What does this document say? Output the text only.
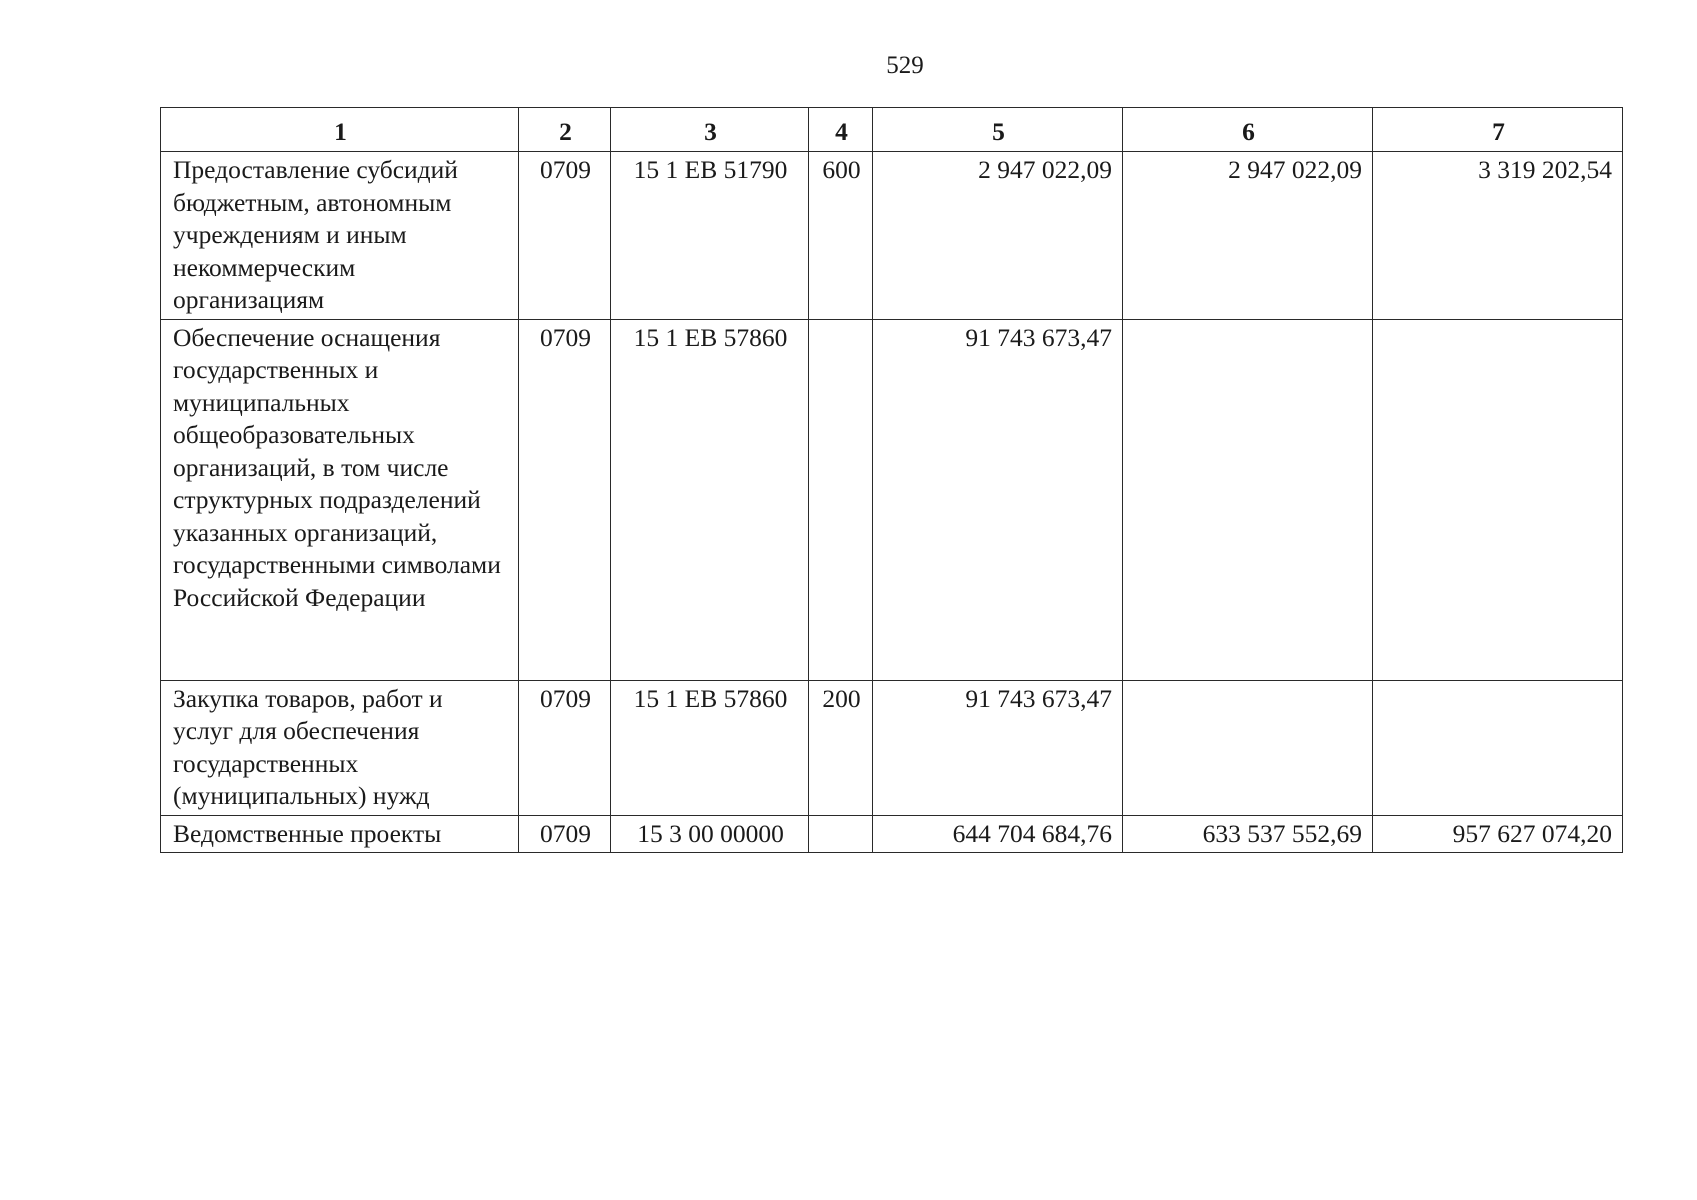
529
1	2	3	4	5	6	7
Предоставление субсидий бюджетным, автономным учреждениям и иным некоммерческим организациям	0709	15 1 ЕВ 51790	600	2 947 022,09	2 947 022,09	3 319 202,54
Обеспечение оснащения государственных и муниципальных общеобразовательных организаций, в том числе структурных подразделений указанных организаций, государственными символами Российской Федерации	0709	15 1 ЕВ 57860		91 743 673,47		
Закупка товаров, работ и услуг для обеспечения государственных (муниципальных) нужд	0709	15 1 ЕВ 57860	200	91 743 673,47		
Ведомственные проекты	0709	15 3 00 00000		644 704 684,76	633 537 552,69	957 627 074,20
